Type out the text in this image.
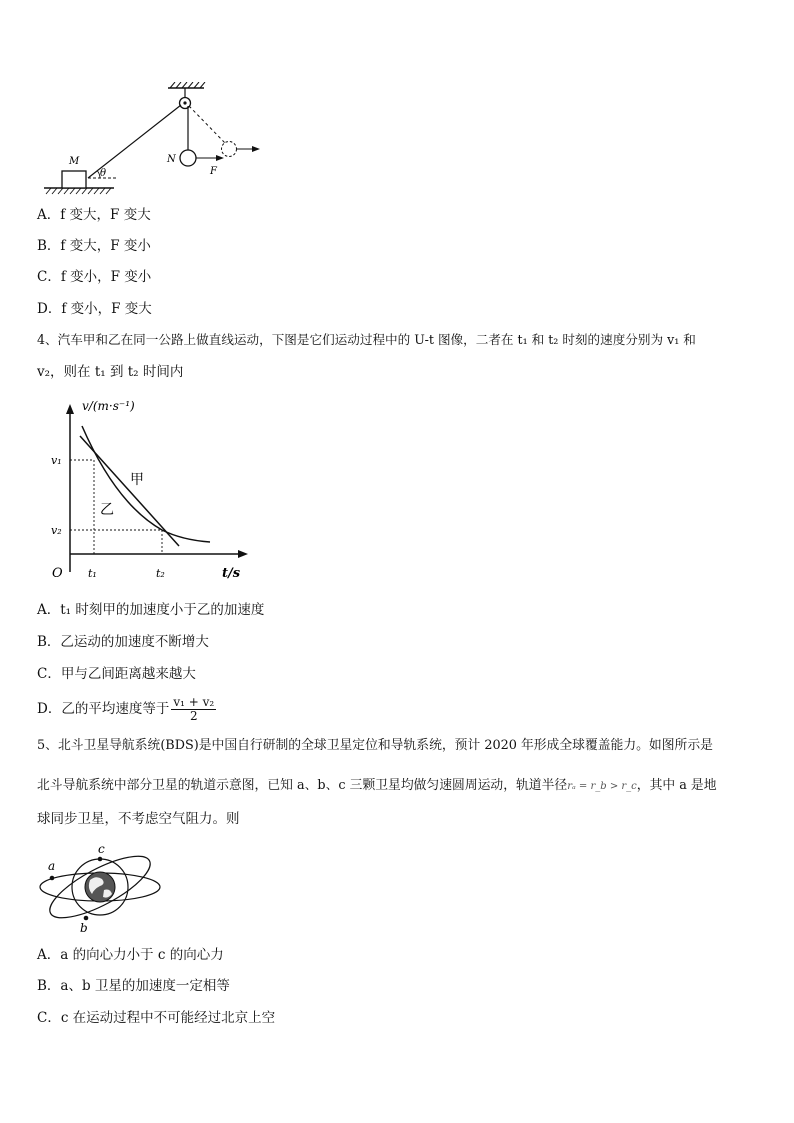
M
θ
N
F
A．f 变大，F 变大
B．f 变大，F 变小
C．f 变小，F 变小
D．f 变小，F 变大
4、汽车甲和乙在同一公路上做直线运动，下图是它们运动过程中的 U-t 图像，二者在 t₁ 和 t₂ 时刻的速度分别为 v₁ 和
v₂，则在 t₁ 到 t₂ 时间内
v/(m·s⁻¹)
t/s
O t₁	t₂
v₁
v₂
甲
乙
A．t₁ 时刻甲的加速度小于乙的加速度
B．乙运动的加速度不断增大
C．甲与乙间距离越来越大
D．乙的平均速度等于 $\frac{\text{v₁ + v₂}}{2}$
5、北斗卫星导航系统(BDS)是中国自行研制的全球卫星定位和导轨系统，预计 2020 年形成全球覆盖能力。如图所示是
北斗导航系统中部分卫星的轨道示意图，已知 a、b、c 三颗卫星均做匀速圆周运动，轨道半径rₐ = r_b > r_c，其中 a 是地
球同步卫星，不考虑空气阻力。则
a
b
c
A．a 的向心力小于 c 的向心力
B．a、b 卫星的加速度一定相等
C．c 在运动过程中不可能经过北京上空
